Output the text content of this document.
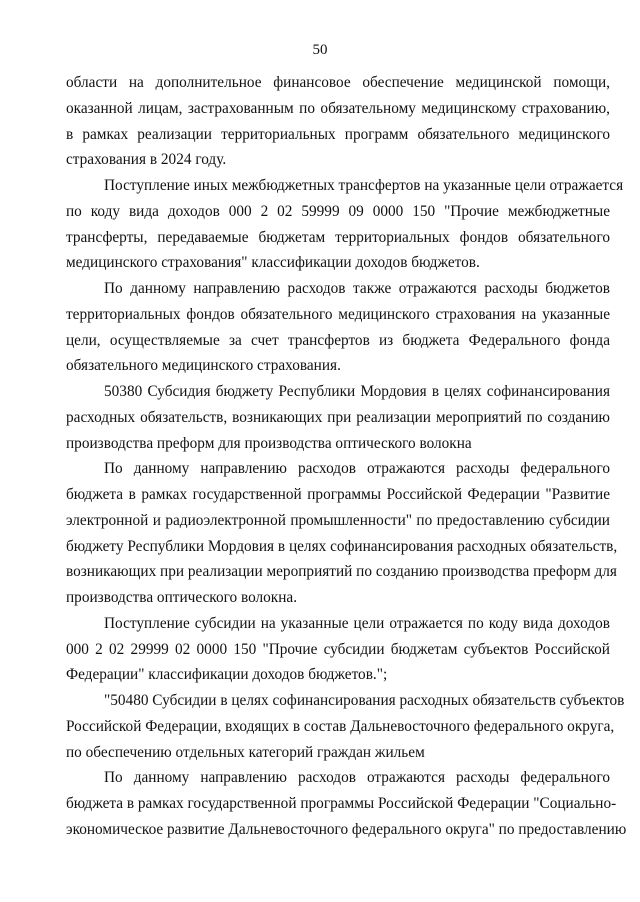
50
области на дополнительное финансовое обеспечение медицинской помощи,
оказанной лицам, застрахованным по обязательному медицинскому страхованию,
в рамках реализации территориальных программ обязательного медицинского
страхования в 2024 году.
Поступление иных межбюджетных трансфертов на указанные цели отражается
по коду вида доходов 000 2 02 59999 09 0000 150 "Прочие межбюджетные
трансферты, передаваемые бюджетам территориальных фондов обязательного
медицинского страхования" классификации доходов бюджетов.
По данному направлению расходов также отражаются расходы бюджетов
территориальных фондов обязательного медицинского страхования на указанные
цели, осуществляемые за счет трансфертов из бюджета Федерального фонда
обязательного медицинского страхования.
50380 Субсидия бюджету Республики Мордовия в целях софинансирования
расходных обязательств, возникающих при реализации мероприятий по созданию
производства преформ для производства оптического волокна
По данному направлению расходов отражаются расходы федерального
бюджета в рамках государственной программы Российской Федерации "Развитие
электронной и радиоэлектронной промышленности" по предоставлению субсидии
бюджету Республики Мордовия в целях софинансирования расходных обязательств,
возникающих при реализации мероприятий по созданию производства преформ для
производства оптического волокна.
Поступление субсидии на указанные цели отражается по коду вида доходов
000 2 02 29999 02 0000 150 "Прочие субсидии бюджетам субъектов Российской
Федерации" классификации доходов бюджетов.";
"50480 Субсидии в целях софинансирования расходных обязательств субъектов
Российской Федерации, входящих в состав Дальневосточного федерального округа,
по обеспечению отдельных категорий граждан жильем
По данному направлению расходов отражаются расходы федерального
бюджета в рамках государственной программы Российской Федерации "Социально-
экономическое развитие Дальневосточного федерального округа" по предоставлению
